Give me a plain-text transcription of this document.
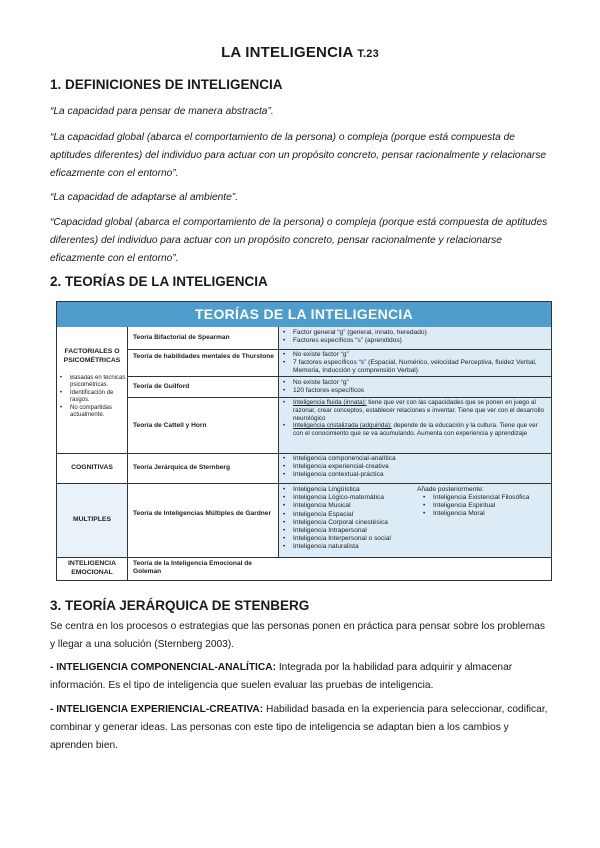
LA INTELIGENCIA T.23
1. DEFINICIONES DE INTELIGENCIA

“La capacidad para pensar de manera abstracta”.

“La capacidad global (abarca el comportamiento de la persona) o compleja (porque está compuesta de aptitudes diferentes) del individuo para actuar con un propósito concreto, pensar racionalmente y relacionarse eficazmente con el entorno”.

“La capacidad de adaptarse al ambiente”.

“Capacidad global (abarca el comportamiento de la persona) o compleja (porque está compuesta de aptitudes diferentes) del individuo para actuar con un propósito concreto, pensar racionalmente y relacionarse eficazmente con el entorno”.

2. TEORÍAS DE LA INTELIGENCIA
TEORÍAS DE LA INTELIGENCIA
FACTORIALES O PSICOMÉTRICAS
• Basadas en técnicas psicométricas.
• Identificación de rasgos.
• No compartidas actualmente.
Teoría Bifactorial de Spearman
• Factor general “g” (general, innato, heredado)
• Factores específicos “s” (aprendidos)
Teoría de habilidades mentales de Thurstone
•	No existe factor “g”
• 7 factores específicos “s” (Espacial, Numérico, velocidad Perceptiva, fluidez Verbal, Memoria, Inducción y comprensión Verbal)
Teoría de Guilford
• No existe factor “g”
• 120 factores específicos
Teoría de Cattell y Horn
• Inteligencia fluida (innata): tiene que ver con las capacidades que se ponen en juego al razonar, crear conceptos, establecer relaciones e inventar. Tiene que ver con el desarrollo neurológico
• Inteligencia cristalizada (adquirida): depende de la educación y la cultura. Tiene que ver con el conocimiento que se va acumulando. Aumenta con experiencia y aprendizaje
COGNITIVAS	Teoría Jerárquica de Sternberg
• Inteligencia componencial-analítica
• Inteligencia experiencial-creativa
• Inteligencia contextual-práctica
MÚLTIPLES
Teoría de Inteligencias Múltiples de Gardner
• Inteligencia Lingüística
• Inteligencia Lógico-matemática
• Inteligencia Musical
• Inteligencia Espacial
• Inteligencia Corporal cinestésica
• Inteligencia Intrapersonal
• Inteligencia Interpersonal o social
• Inteligencia naturalista
Añade posteriormente:
• Inteligencia Existencial Filosófica
• Inteligencia Espiritual
• Inteligencia Moral
INTELIGENCIA EMOCIONAL
Teoría de la Inteligencia Emocional de Goleman
3. TEORÍA JERÁRQUICA DE STENBERG

Se centra en los procesos o estrategias que las personas ponen en práctica para pensar sobre los problemas y llegar a una solución (Sternberg 2003).

- INTELIGENCIA COMPONENCIAL-ANALÍTICA: Integrada por la habilidad para adquirir y almacenar información. Es el tipo de inteligencia que suelen evaluar las pruebas de inteligencia.

- INTELIGENCIA EXPERIENCIAL-CREATIVA: Habilidad basada en la experiencia para seleccionar, codificar, combinar y generar ideas. Las personas con este tipo de inteligencia se adaptan bien a los cambios y aprenden bien.
